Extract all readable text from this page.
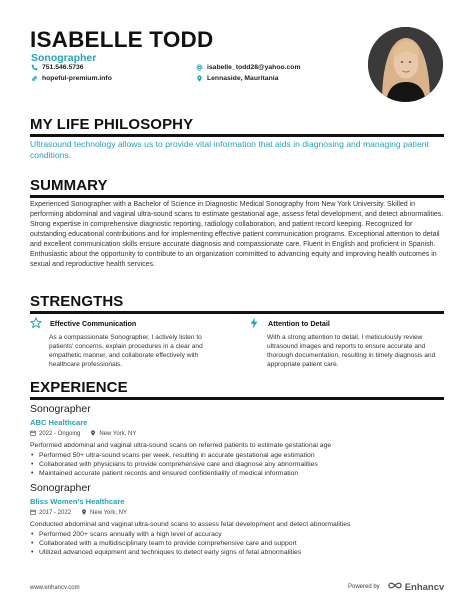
ISABELLE TODD
Sonographer
751.546.5736
hopeful-premium.info
isabelle_todd28@yahoo.com
Lennaside, Mauritania
MY LIFE PHILOSOPHY
Ultrasound technology allows us to provide vital information that aids in diagnosing and managing patient conditions.
SUMMARY
Experienced Sonographer with a Bachelor of Science in Diagnostic Medical Sonography from New York University. Skilled in performing abdominal and vaginal ultra-sound scans to estimate gestational age, assess fetal development, and detect abnormalities. Strong expertise in comprehensive diagnostic reporting, radiology collaboration, and patient record keeping. Recognized for outstanding educational contributions and for implementing effective patient communication programs. Exceptional attention to detail and excellent communication skills ensure accurate diagnosis and compassionate care. Fluent in English and proficient in Spanish. Enthusiastic about the opportunity to contribute to an organization committed to advancing equity and improving health outcomes in sexual and reproductive health services.
STRENGTHS
Effective Communication
As a compassionate Sonographer, I actively listen to patients' concerns, explain procedures in a clear and empathetic manner, and collaborate effectively with healthcare professionals.
Attention to Detail
With a strong attention to detail, I meticulously review ultrasound images and reports to ensure accurate and thorough documentation, resulting in timely diagnosis and appropriate patient care.
EXPERIENCE
Sonographer
ABC Healthcare
2022 - Ongoing	New York, NY
Performed abdominal and vaginal ultra-sound scans on referred patients to estimate gestational age
• Performed 50+ ultra-sound scans per week, resulting in accurate gestational age estimation
• Collaborated with physicians to provide comprehensive care and diagnose any abnormalities
• Maintained accurate patient records and ensured confidentiality of medical information
Sonographer
Bliss Women's Healthcare
2017 - 2022	New York, NY
Conducted abdominal and vaginal ultra-sound scans to assess fetal development and detect abnormalities
• Performed 200+ scans annually with a high level of accuracy
• Collaborated with a multidisciplinary team to provide comprehensive care and support
• Utilized advanced equipment and techniques to detect early signs of fetal abnormalities
www.enhancv.com	Powered by	Enhancv
